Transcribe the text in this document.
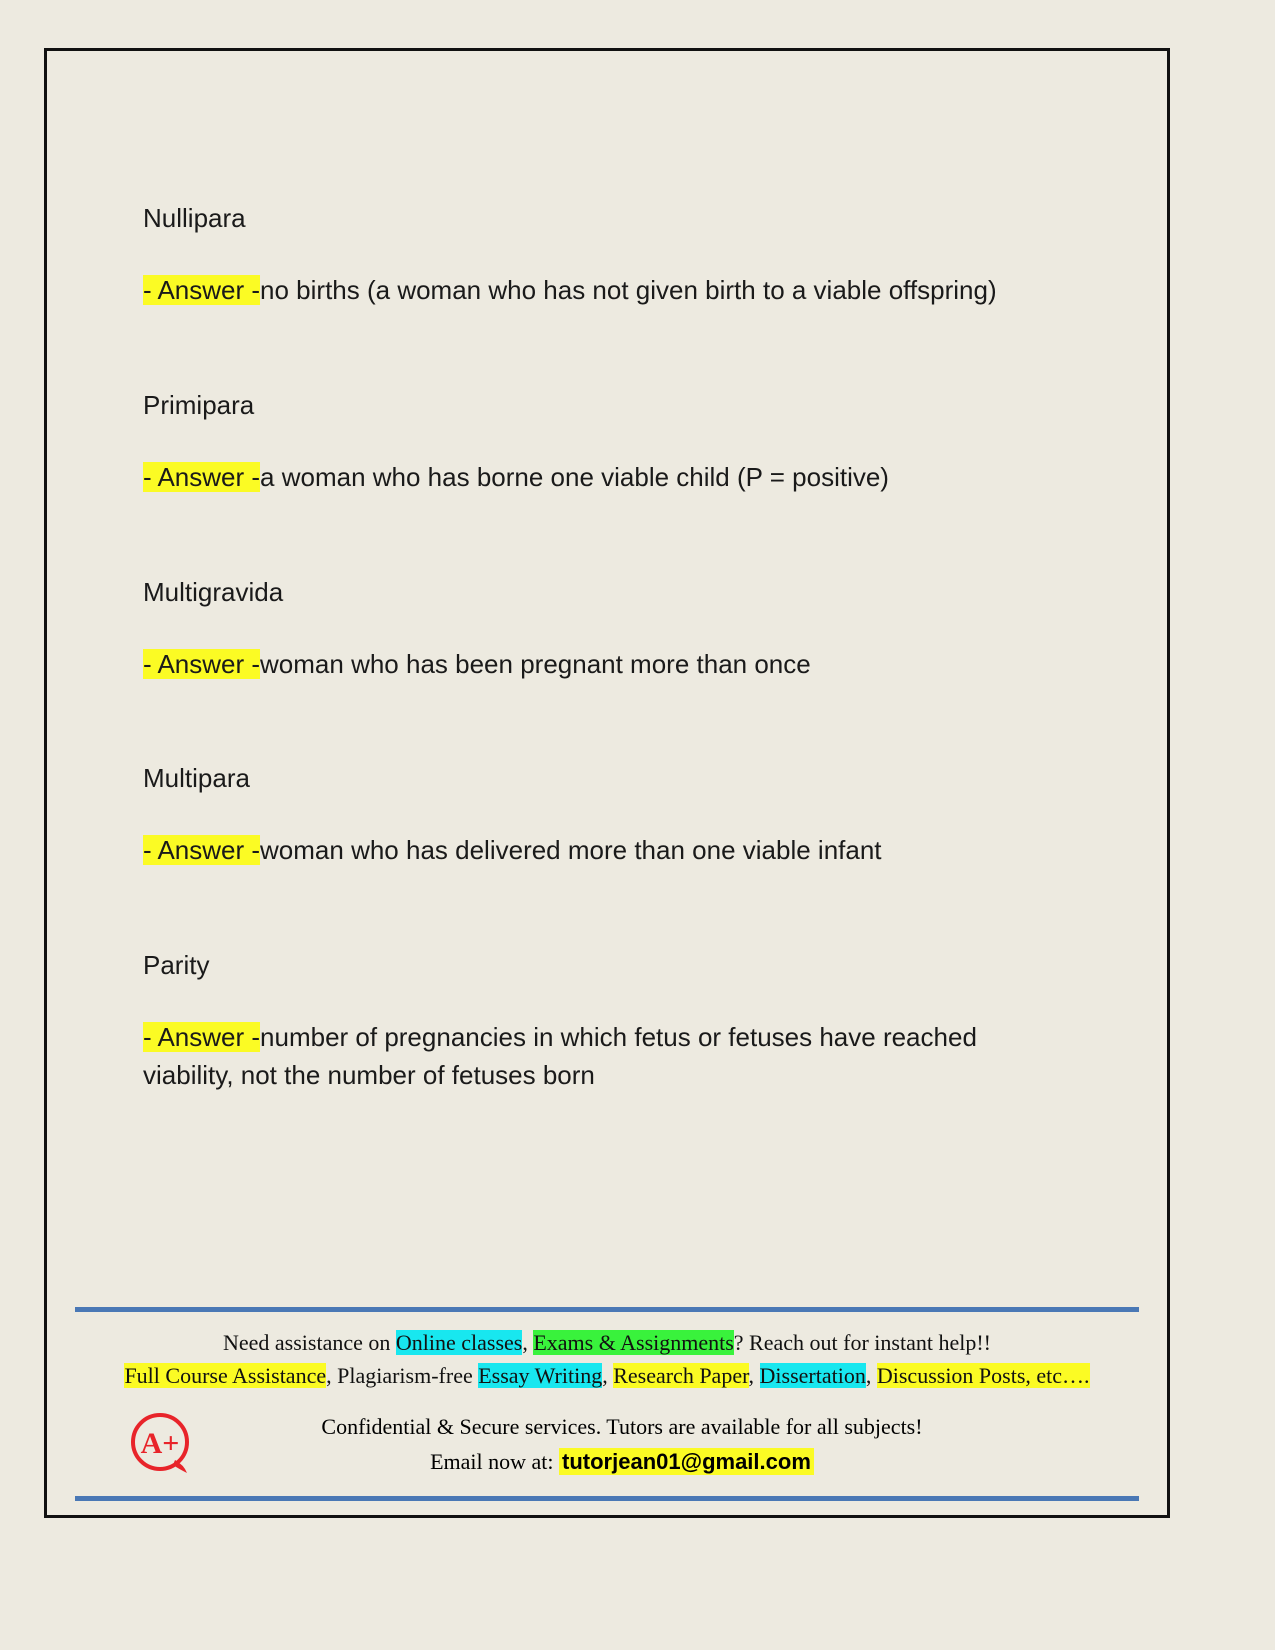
Nullipara

- Answer -no births (a woman who has not given birth to a viable offspring)

Primipara

- Answer -a woman who has borne one viable child (P = positive)

Multigravida

- Answer -woman who has been pregnant more than once

Multipara

- Answer -woman who has delivered more than one viable infant

Parity

- Answer -number of pregnancies in which fetus or fetuses have reached viability, not the number of fetuses born

Need assistance on Online classes, Exams & Assignments? Reach out for instant help!!
Full Course Assistance, Plagiarism-free Essay Writing, Research Paper, Dissertation, Discussion Posts, etc….
A+
Confidential & Secure services. Tutors are available for all subjects!
Email now at: tutorjean01@gmail.com
